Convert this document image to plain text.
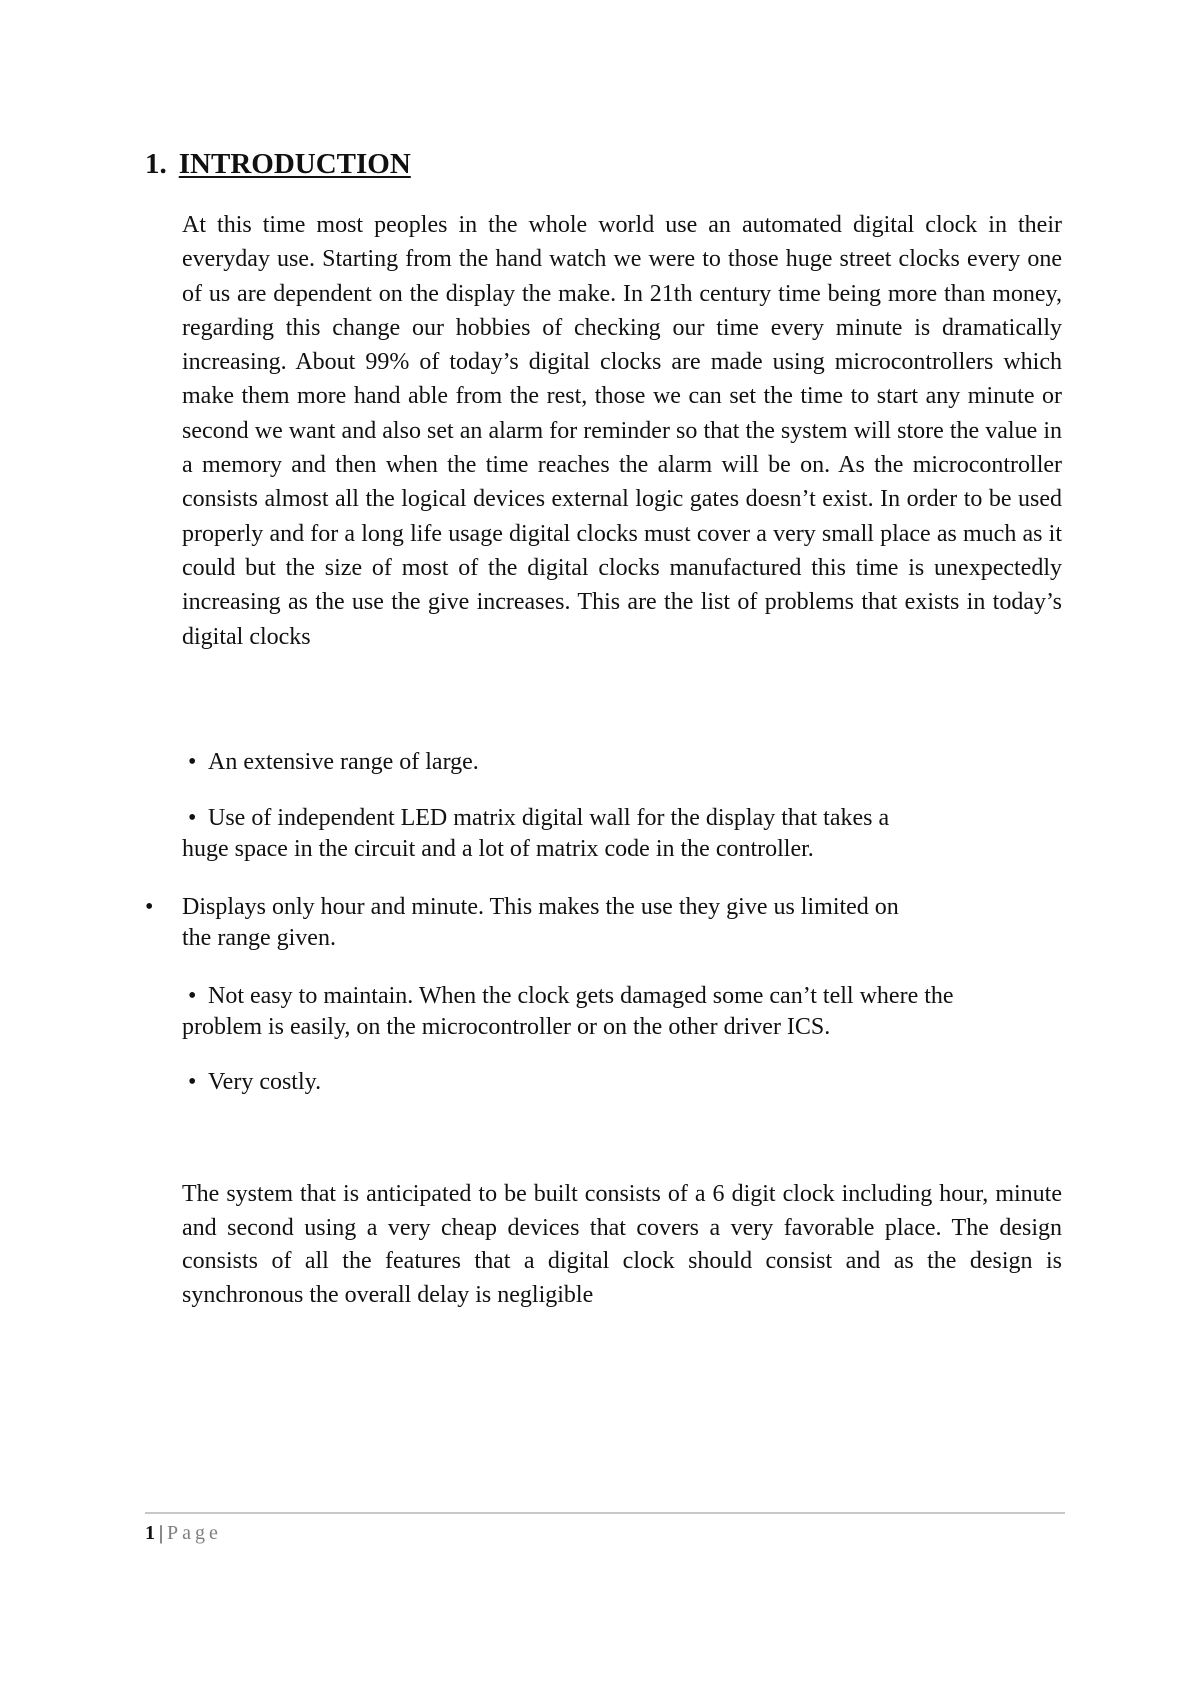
1. INTRODUCTION

At this time most peoples in the whole world use an automated digital clock in their everyday use. Starting from the hand watch we were to those huge street clocks every one of us are dependent on the display the make. In 21th century time being more than money, regarding this change our hobbies of checking our time every minute is dramatically increasing. About 99% of today’s digital clocks are made using microcontrollers which make them more hand able from the rest, those we can set the time to start any minute or second we want and also set an alarm for reminder so that the system will store the value in a memory and then when the time reaches the alarm will be on. As the microcontroller consists almost all the logical devices external logic gates doesn’t exist. In order to be used properly and for a long life usage digital clocks must cover a very small place as much as it could but the size of most of the digital clocks manufactured this time is unexpectedly increasing as the use the give increases. This are the list of problems that exists in today’s digital clocks

• An extensive range of large.

• Use of independent LED matrix digital wall for the display that takes a
huge space in the circuit and a lot of matrix code in the controller.

• Displays only hour and minute. This makes the use they give us limited on
the range given.

• Not easy to maintain. When the clock gets damaged some can’t tell where the
problem is easily, on the microcontroller or on the other driver ICS.

• Very costly.

The system that is anticipated to be built consists of a 6 digit clock including hour, minute and second using a very cheap devices that covers a very favorable place. The design consists of all the features that a digital clock should consist and as the design is synchronous the overall delay is negligible

1 | Page
